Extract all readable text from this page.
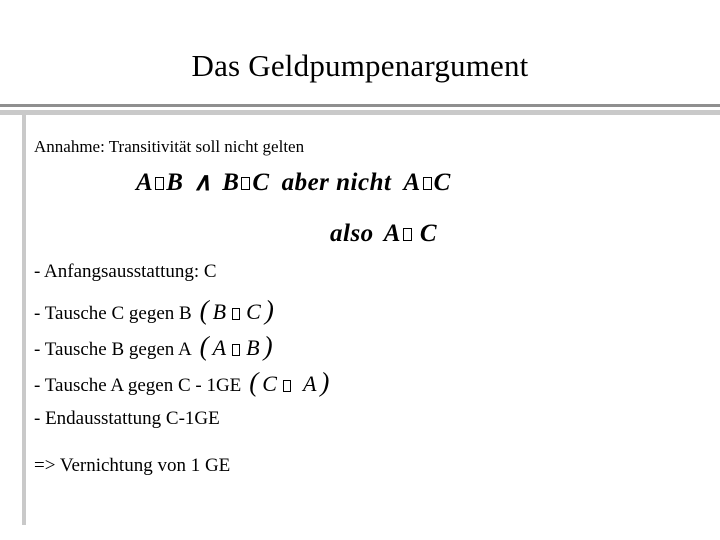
Das Geldpumpenargument
Annahme: Transitivität soll nicht gelten
A B ∧ B C aber nicht A C
also A C
- Anfangsausstattung: C
- Tausche C gegen B ( B C )
- Tausche B gegen A ( A B )
- Tausche A gegen C - 1GE ( C A )
- Endausstattung C-1GE
=> Vernichtung von 1 GE
